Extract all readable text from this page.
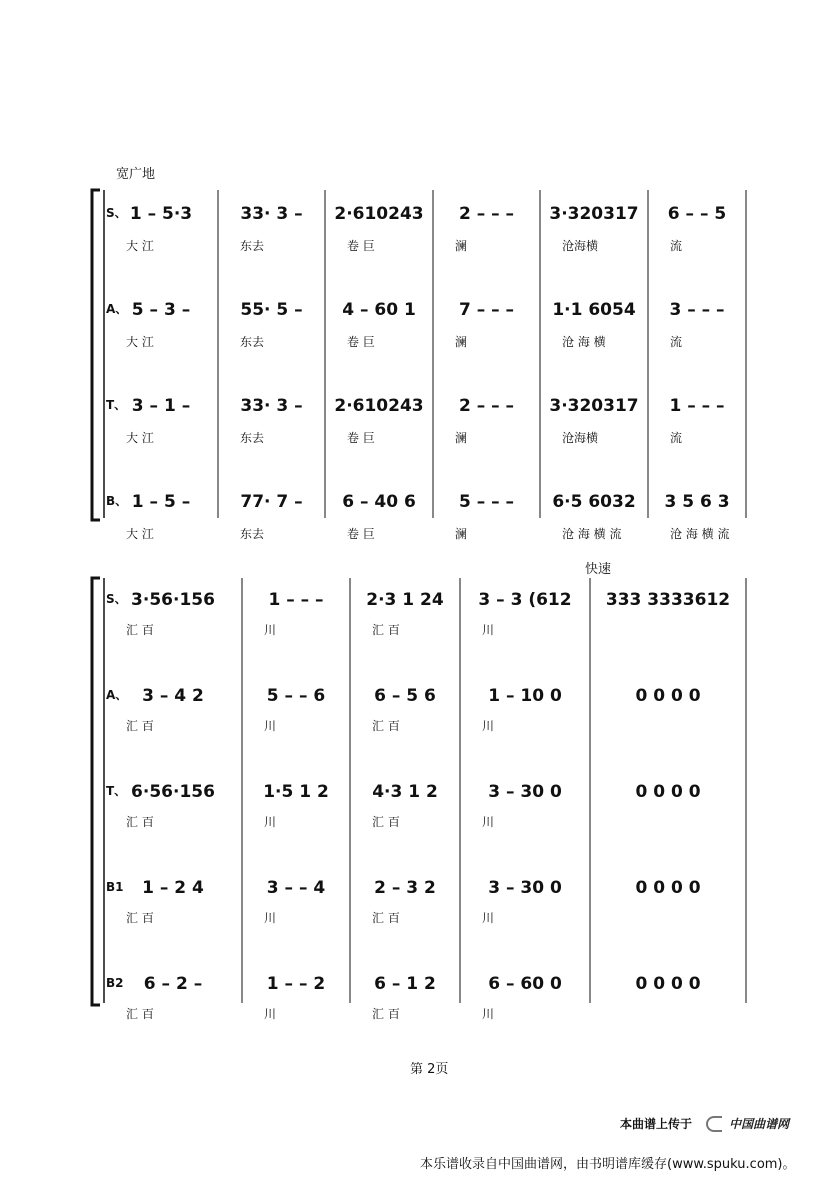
宽广地
快速
S、 1 – 5·3
大 江
33· 3 –
东去
2·610243
卷 巨
2 – – –
澜
3·320317
沧海横
6 – – 5
流
A、 5 – 3 –
大 江
55· 5 –
东去
4 – 60 1
卷 巨
7 – – –
澜
1·1 6054
沧 海 横
3 – – –
流
T、 3 – 1 –
大 江
33· 3 –
东去
2·610243
卷 巨
2 – – –
澜
3·320317
沧海横
1 – – –
流
B、 1 – 5 –
大 江
77· 7 –
东去
6 – 40 6
卷 巨
5 – – –
澜
6·5 6032
沧 海 横 流
3 5 6 3
沧 海 横 流
S、 3·56·156
汇 百
1 – – –
川
2·3 1 24
汇 百
3 – 3 (612
川
333 3333612
A、 3 – 4 2
汇 百
5 – – 6
川
6 – 5 6
汇 百
1 – 10 0
川
0 0 0 0
T、 6·56·156
汇 百
1·5 1 2
川
4·3 1 2
汇 百
3 – 30 0
川
0 0 0 0
B1 1 – 2 4
汇 百
3 – – 4
川
2 – 3 2
汇 百
3 – 30 0
川
0 0 0 0
B2 6 – 2 –
汇 百
1 – – 2
川
6 – 1 2
汇 百
6 – 60 0
川
0 0 0 0
第 2页
本曲谱上传于	中国曲谱网
本乐谱收录自中国曲谱网，由书明谱库缓存(www.spuku.com)。
